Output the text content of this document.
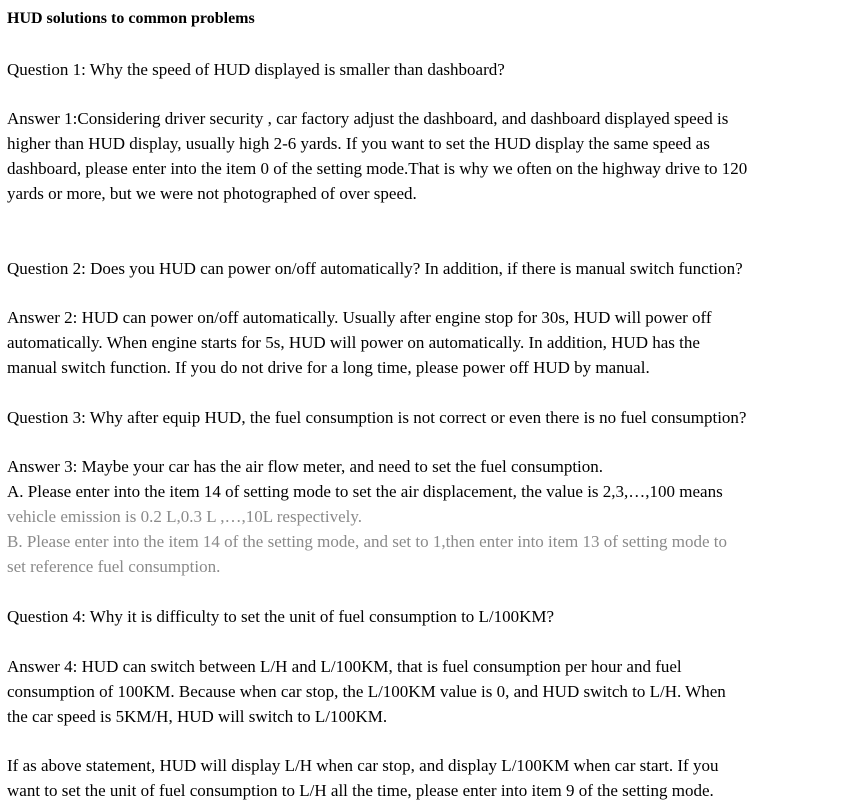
HUD solutions to common problems
Question 1: Why the speed of HUD displayed is smaller than dashboard?
Answer 1:Considering driver security , car factory adjust the dashboard, and dashboard displayed speed is
higher than HUD display, usually high 2-6 yards. If you want to set the HUD display the same speed as
dashboard, please enter into the item 0 of the setting mode.That is why we often on the highway drive to 120
yards or more, but we were not photographed of over speed.
Question 2: Does you HUD can power on/off automatically? In addition, if there is manual switch function?
Answer 2: HUD can power on/off automatically. Usually after engine stop for 30s, HUD will power off
automatically. When engine starts for 5s, HUD will power on automatically. In addition, HUD has the
manual switch function. If you do not drive for a long time, please power off HUD by manual.
Question 3: Why after equip HUD, the fuel consumption is not correct or even there is no fuel consumption?
Answer 3: Maybe your car has the air flow meter, and need to set the fuel consumption.
A. Please enter into the item 14 of setting mode to set the air displacement, the value is 2,3,…,100 means
vehicle emission is 0.2 L,0.3 L ,…,10L respectively.
B. Please enter into the item 14 of the setting mode, and set to 1,then enter into item 13 of setting mode to
set reference fuel consumption.
Question 4: Why it is difficulty to set the unit of fuel consumption to L/100KM?
Answer 4: HUD can switch between L/H and L/100KM, that is fuel consumption per hour and fuel
consumption of 100KM. Because when car stop, the L/100KM value is 0, and HUD switch to L/H. When
the car speed is 5KM/H, HUD will switch to L/100KM.
If as above statement, HUD will display L/H when car stop, and display L/100KM when car start. If you
want to set the unit of fuel consumption to L/H all the time, please enter into item 9 of the setting mode.
